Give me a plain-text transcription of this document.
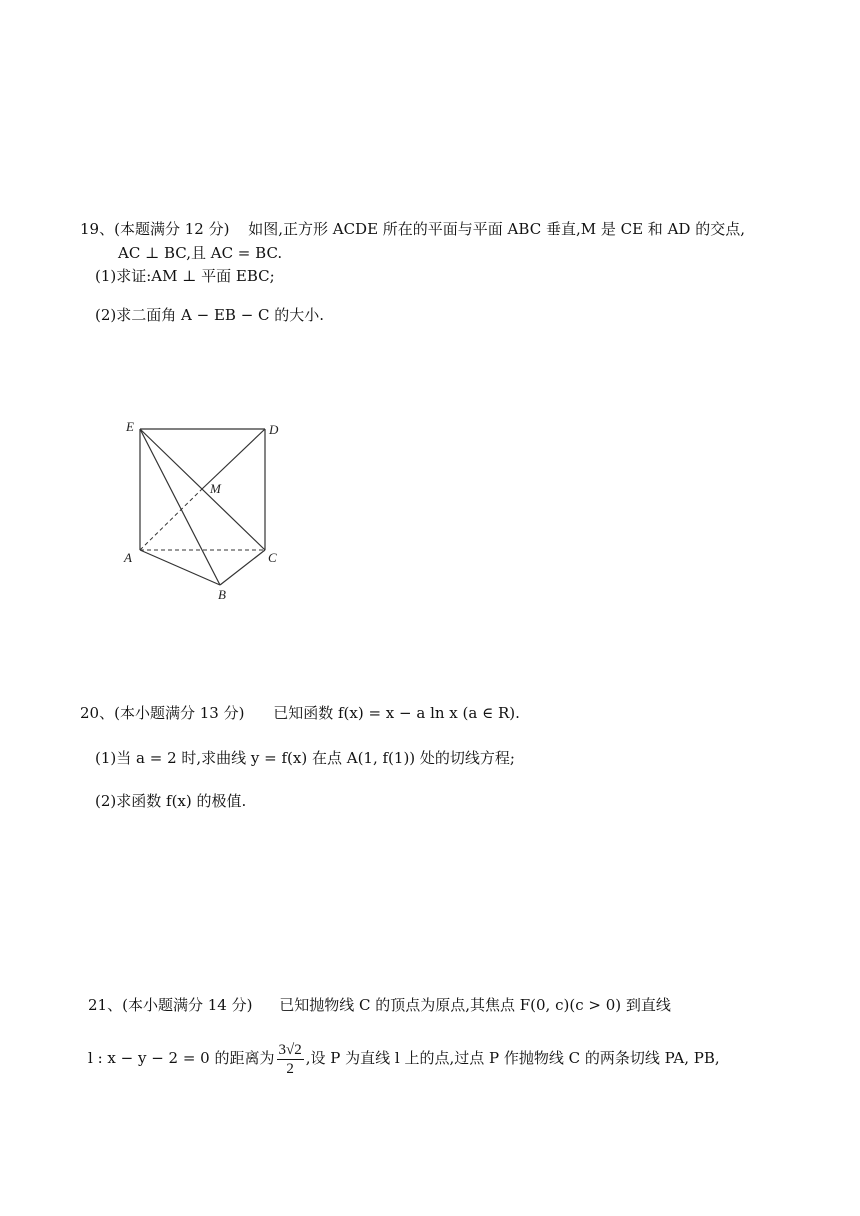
19、(本题满分 12 分) 如图,正方形 ACDE 所在的平面与平面 ABC 垂直,M 是 CE 和 AD 的交点,
AC ⊥ BC,且 AC = BC.
(1)求证:AM ⊥ 平面 EBC;
(2)求二面角 A − EB − C 的大小.
E	D
M
A	C
B
20、(本小题满分 13 分) 已知函数 f(x) = x − a ln x (a ∈ R).
(1)当 a = 2 时,求曲线 y = f(x) 在点 A(1, f(1)) 处的切线方程;
(2)求函数 f(x) 的极值.
21、(本小题满分 14 分) 已知抛物线 C 的顶点为原点,其焦点 F(0, c)(c > 0) 到直线
l : x − y − 2 = 0 的距离为 $\frac{3√2}{2}$ ,设 P 为直线 l 上的点,过点 P 作抛物线 C 的两条切线 PA, PB,
